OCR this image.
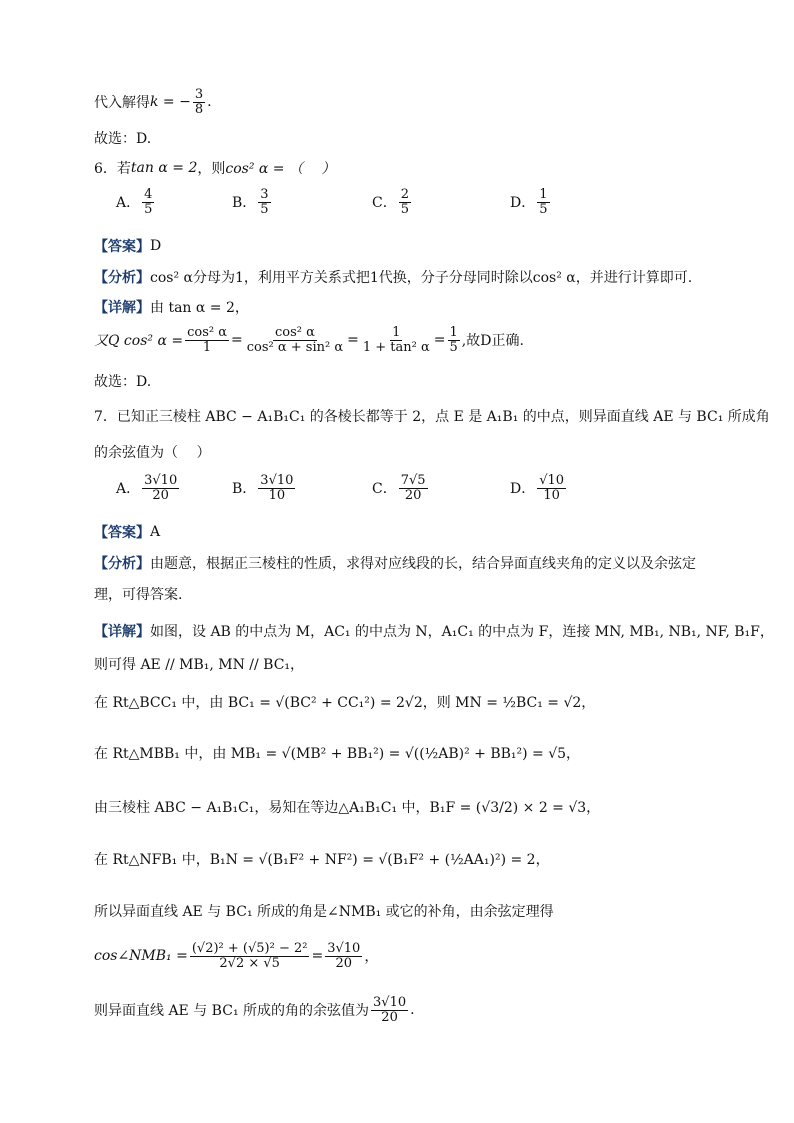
代入解得 k = − $\frac{3}{8}$ .
故选：D.
6．若 tan α = 2 ，则 cos² α = （　 ）
A． $\frac{4}{5}$	B． $\frac{3}{5}$	C． $\frac{2}{5}$	D． $\frac{1}{5}$
【答案】 D
【分析】 cos² α分母为1，利用平方关系式把1代换，分子分母同时除以cos² α，并进行计算即可.
【详解】 由 tan α = 2，
又Q cos² $\alpha = \frac{\text{cos² α}}{1} = \frac{\text{cos² α}}{\text{cos² α + sin² α}} = \frac{1}{\text{1 + tan² α}} = \frac{1}{5}$ ,故D正确.
故选：D.
7．已知正三棱柱 ABC − A₁B₁C₁ 的各棱长都等于 2，点 E 是 A₁B₁ 的中点，则异面直线 AE 与 BC₁ 所成角
的余弦值为（　 ）
A． $\frac{3√10}{20}$	B． $\frac{3√10}{10}$	C． $\frac{7√5}{20}$	D． $\frac{√10}{10}$
【答案】 A
【分析】 由题意，根据正三棱柱的性质，求得对应线段的长，结合异面直线夹角的定义以及余弦定
理，可得答案.
【详解】 如图，设 AB 的中点为 M，AC₁ 的中点为 N，A₁C₁ 的中点为 F，连接 MN, MB₁, NB₁, NF, B₁F，
则可得 AE // MB₁, MN // BC₁，
在 Rt△BCC₁ 中，由 BC₁ = √(BC² + CC₁²) = 2√2，则 MN = ½BC₁ = √2，
在 Rt△MBB₁ 中，由 MB₁ = √(MB² + BB₁²) = √((½AB)² + BB₁²) = √5，
由三棱柱 ABC − A₁B₁C₁，易知在等边△A₁B₁C₁ 中，B₁F = (√3/2) × 2 = √3，
在 Rt△NFB₁ 中，B₁N = √(B₁F² + NF²) = √(B₁F² + (½AA₁)²) = 2，
所以异面直线 AE 与 BC₁ 所成的角是∠NMB₁ 或它的补角，由余弦定理得
cos∠NMB₁ = $\frac{\text{(√2)² + (√5)² − 2²}}{2√2 \times √5} = \frac{3√10}{20}$ ，
则异面直线 AE 与 BC₁ 所成的角的余弦值为 $\frac{3√10}{20}$ .
